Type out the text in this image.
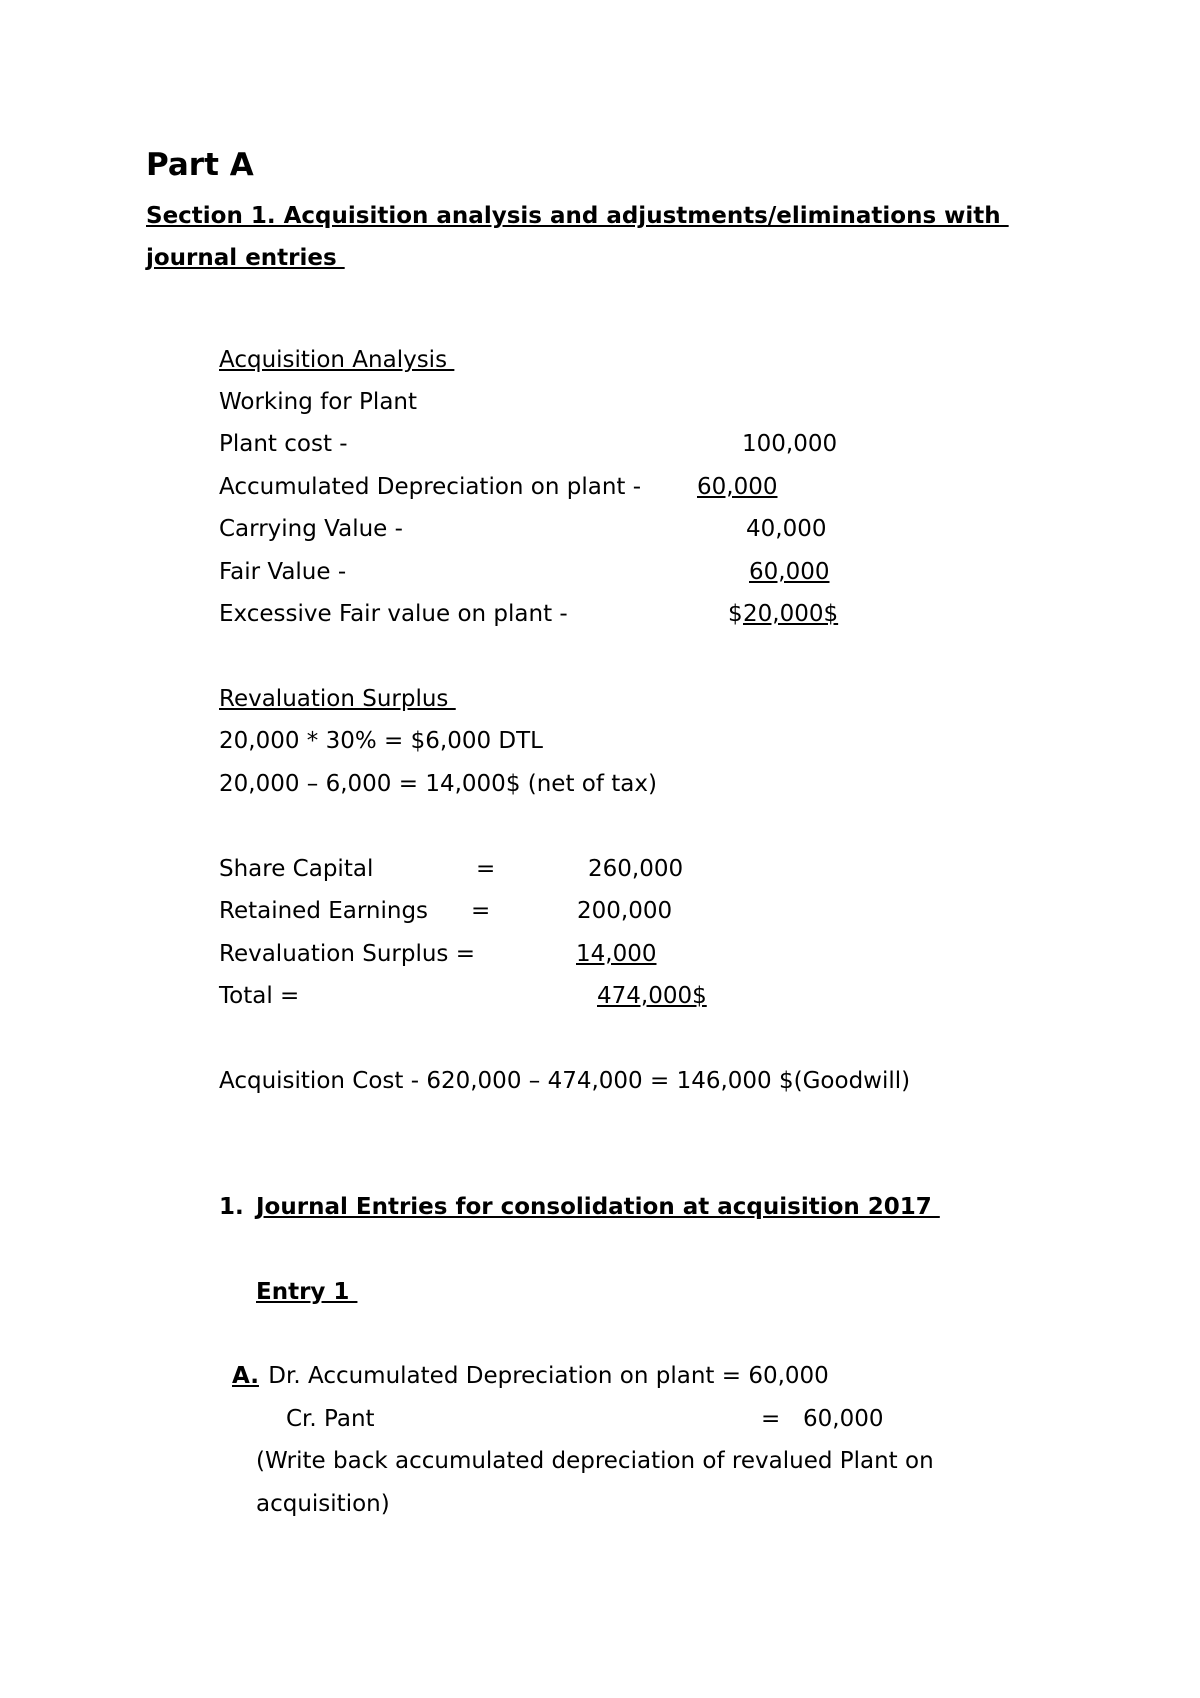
Part A
Section 1. Acquisition analysis and adjustments/eliminations with
journal entries
Acquisition Analysis
Working for Plant
Plant cost -	100,000
Accumulated Depreciation on plant - 60,000
Carrying Value -	40,000
Fair Value -	60,000
Excessive Fair value on plant -	$ 20,000$
Revaluation Surplus
20,000 * 30% = $6,000 DTL
20,000 – 6,000 = 14,000$ (net of tax)
Share Capital	=	260,000
Retained Earnings =	200,000
Revaluation Surplus =	14,000
Total =	474,000$
Acquisition Cost - 620,000 – 474,000 = 146,000 $(Goodwill)
1. Journal Entries for consolidation at acquisition 2017
Entry 1
A. Dr. Accumulated Depreciation on plant = 60,000
Cr. Pant	= 60,000
(Write back accumulated depreciation of revalued Plant on
acquisition)
